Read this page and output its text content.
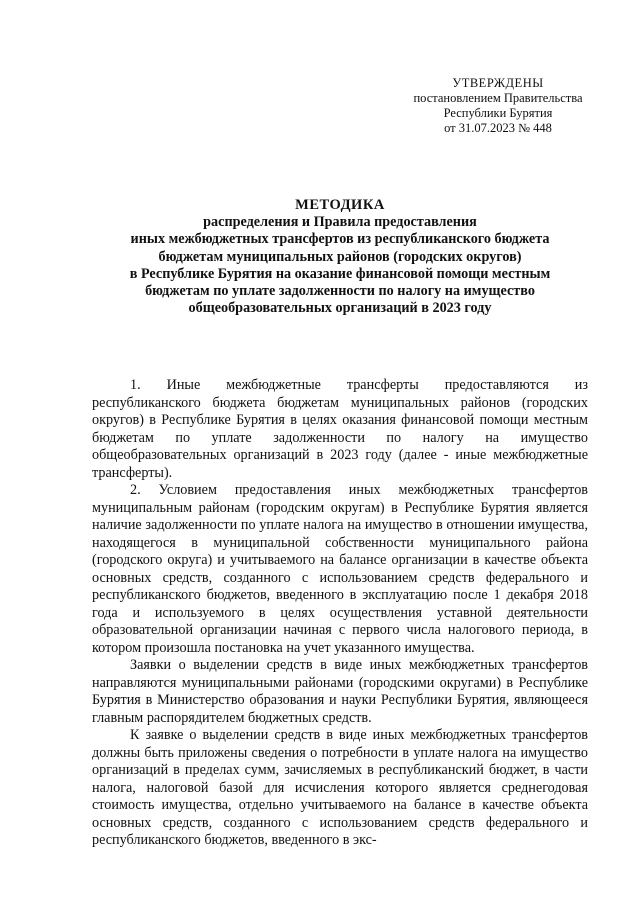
УТВЕРЖДЕНЫ
постановлением Правительства
Республики Бурятия
от 31.07.2023 № 448
МЕТОДИКА
распределения и Правила предоставления
иных межбюджетных трансфертов из республиканского бюджета
бюджетам муниципальных районов (городских округов)
в Республике Бурятия на оказание финансовой помощи местным
бюджетам по уплате задолженности по налогу на имущество
общеобразовательных организаций в 2023 году

1. Иные межбюджетные трансферты предоставляются из республиканского бюджета бюджетам муниципальных районов (городских округов) в Республике Бурятия в целях оказания финансовой помощи местным бюджетам по уплате задолженности по налогу на имущество общеобразовательных организаций в 2023 году (далее - иные межбюджетные трансферты).

2. Условием предоставления иных межбюджетных трансфертов муниципальным районам (городским округам) в Республике Бурятия является наличие задолженности по уплате налога на имущество в отношении имущества, находящегося в муниципальной собственности муниципального района (городского округа) и учитываемого на балансе организации в качестве объекта основных средств, созданного с использованием средств федерального и республиканского бюджетов, введенного в эксплуатацию после 1 декабря 2018 года и используемого в целях осуществления уставной деятельности образовательной организации начиная с первого числа налогового периода, в котором произошла постановка на учет указанного имущества.

Заявки о выделении средств в виде иных межбюджетных трансфертов направляются муниципальными районами (городскими округами) в Республике Бурятия в Министерство образования и науки Республики Бурятия, являющееся главным распорядителем бюджетных средств.

К заявке о выделении средств в виде иных межбюджетных трансфертов должны быть приложены сведения о потребности в уплате налога на имущество организаций в пределах сумм, зачисляемых в республиканский бюджет, в части налога, налоговой базой для исчисления которого является среднегодовая стоимость имущества, отдельно учитываемого на балансе в качестве объекта основных средств, созданного с использованием средств федерального и республиканского бюджетов, введенного в экс-
